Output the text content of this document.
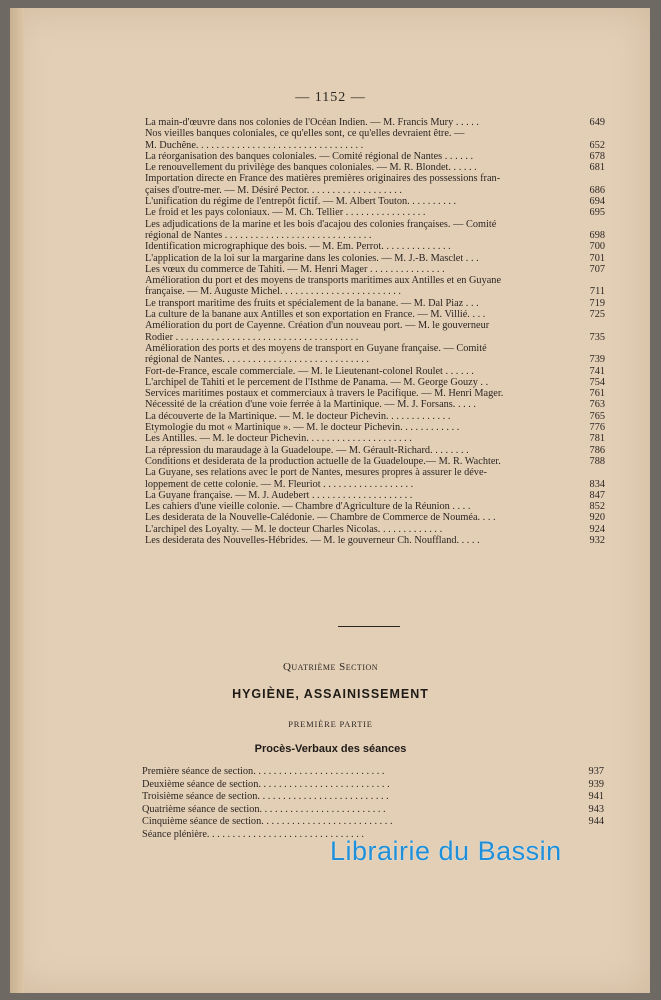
— 1152 —
La main-d'œuvre dans nos colonies de l'Océan Indien. — M. Francis Mury . . . . .	649
Nos vieilles banques coloniales, ce qu'elles sont, ce qu'elles devraient être. —
M. Duchêne. . . . . . . . . . . . . . . . . . . . . . . . . . . . . . . . .	652
La réorganisation des banques coloniales. — Comité régional de Nantes . . . . . .	678
Le renouvellement du privilège des banques coloniales. — M. R. Blondet. . . . . .	681
Importation directe en France des matières premières originaires des possessions fran-
çaises d'outre-mer. — M. Désiré Pector. . . . . . . . . . . . . . . . . . .	686
L'unification du régime de l'entrepôt fictif. — M. Albert Touton. . . . . . . . . .	694
Le froid et les pays coloniaux. — M. Ch. Tellier . . . . . . . . . . . . . . . .	695
Les adjudications de la marine et les bois d'acajou des colonies françaises. — Comité
régional de Nantes . . . . . . . . . . . . . . . . . . . . . . . . . . . . .	698
Identification micrographique des bois. — M. Em. Perrot. . . . . . . . . . . . . .	700
L'application de la loi sur la margarine dans les colonies. — M. J.-B. Masclet . . .	701
Les vœux du commerce de Tahiti. — M. Henri Mager . . . . . . . . . . . . . . .	707
Amélioration du port et des moyens de transports maritimes aux Antilles et en Guyane
française. — M. Auguste Michel. . . . . . . . . . . . . . . . . . . . . . . .	711
Le transport maritime des fruits et spécialement de la banane. — M. Dal Piaz . . .	719
La culture de la banane aux Antilles et son exportation en France. — M. Villié. . . .	725
Amélioration du port de Cayenne. Création d'un nouveau port. — M. le gouverneur
Rodier . . . . . . . . . . . . . . . . . . . . . . . . . . . . . . . . . . . .	735
Amélioration des ports et des moyens de transport en Guyane française. — Comité
régional de Nantes. . . . . . . . . . . . . . . . . . . . . . . . . . . . .	739
Fort-de-France, escale commerciale. — M. le Lieutenant-colonel Roulet . . . . . .	741
L'archipel de Tahiti et le percement de l'Isthme de Panama. — M. George Gouzy . .	754
Services maritimes postaux et commerciaux à travers le Pacifique. — M. Henri Mager.	761
Nécessité de la création d'une voie ferrée à la Martinique. — M. J. Forsans. . . . .	763
La découverte de la Martinique. — M. le docteur Pichevin. . . . . . . . . . . . .	765
Etymologie du mot « Martinique ». — M. le docteur Pichevin. . . . . . . . . . . .	776
Les Antilles. — M. le docteur Pichevin. . . . . . . . . . . . . . . . . . . . .	781
La répression du maraudage à la Guadeloupe. — M. Gérault-Richard. . . . . . . .	786
Conditions et desiderata de la production actuelle de la Guadeloupe.— M. R. Wachter.	788
La Guyane, ses relations avec le port de Nantes, mesures propres à assurer le déve-
loppement de cette colonie. — M. Fleuriot . . . . . . . . . . . . . . . . . .	834
La Guyane française. — M. J. Audebert . . . . . . . . . . . . . . . . . . . .	847
Les cahiers d'une vieille colonie. — Chambre d'Agriculture de la Réunion . . . .	852
Les desiderata de la Nouvelle-Calédonie. — Chambre de Commerce de Nouméa. . . .	920
L'archipel des Loyalty. — M. le docteur Charles Nicolas. . . . . . . . . . . . .	924
Les desiderata des Nouvelles-Hébrides. — M. le gouverneur Ch. Nouffland. . . . .	932
Quatrième Section
HYGIÈNE, ASSAINISSEMENT
PREMIÈRE PARTIE
Procès-Verbaux des séances
Première séance de section. . . . . . . . . . . . . . . . . . . . . . . . . .	937
Deuxième séance de section. . . . . . . . . . . . . . . . . . . . . . . . . .	939
Troisième séance de section. . . . . . . . . . . . . . . . . . . . . . . . . .	941
Quatrième séance de section. . . . . . . . . . . . . . . . . . . . . . . . .	943
Cinquième séance de section. . . . . . . . . . . . . . . . . . . . . . . . . .	944
Séance plénière. . . . . . . . . . . . . . . . . . . . . . . . . . . . . . .
Librairie du Bassin
